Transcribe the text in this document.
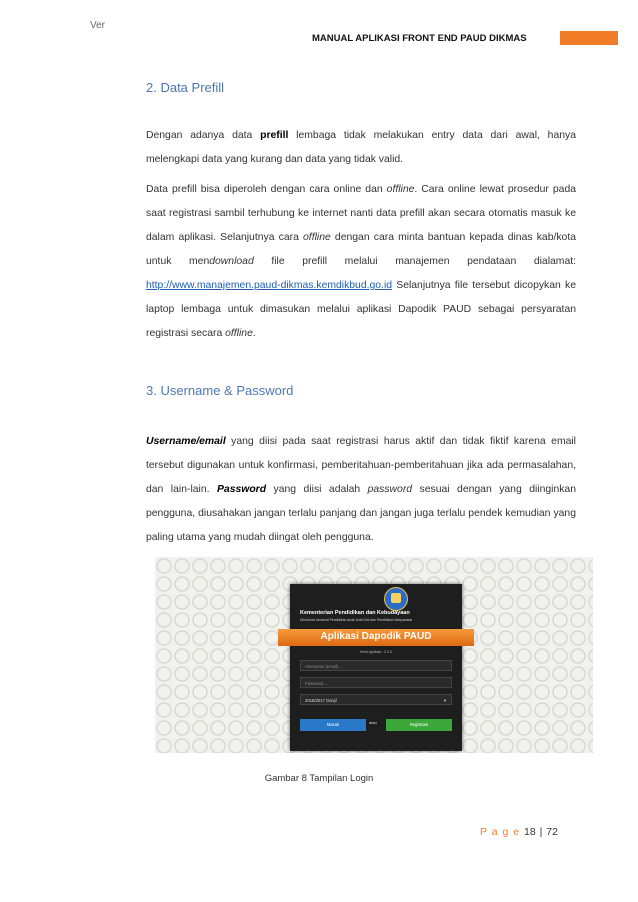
Ver
MANUAL APLIKASI FRONT END PAUD DIKMAS
2. Data Prefill
Dengan adanya data prefill lembaga tidak melakukan entry data dari awal, hanya melengkapi data yang kurang dan data yang tidak valid.
Data prefill bisa diperoleh dengan cara online dan offline. Cara online lewat prosedur pada saat registrasi sambil terhubung ke internet nanti data prefill akan secara otomatis masuk ke dalam aplikasi. Selanjutnya cara offline dengan cara minta bantuan kepada dinas kab/kota untuk mendownload file prefill melalui manajemen pendataan dialamat: http://www.manajemen.paud-dikmas.kemdikbud.go.id Selanjutnya file tersebut dicopykan ke laptop lembaga untuk dimasukan melalui aplikasi Dapodik PAUD sebagai persyaratan registrasi secara offline.
3. Username & Password
Username/email yang diisi pada saat registrasi harus aktif dan tidak fiktif karena email tersebut digunakan untuk konfirmasi, pemberitahuan-pemberitahuan jika ada permasalahan, dan lain-lain. Password yang diisi adalah password sesuai dengan yang diinginkan pengguna, diusahakan jangan terlalu panjang dan jangan juga terlalu pendek kemudian yang paling utama yang mudah diingat oleh pengguna.
Kementerian Pendidikan dan Kebudayaan
Direktorat Jenderal Pendidikan Anak Usia Dini dan Pendidikan Masyarakat
Aplikasi Dapodik PAUD
Versi Aplikasi : 2.2.0
Username (email) ...
Password ...
2016/2017 Ganjil	▼
Masuk	atau	Registrasi
Gambar 8 Tampilan Login
P a g e 18 | 72
